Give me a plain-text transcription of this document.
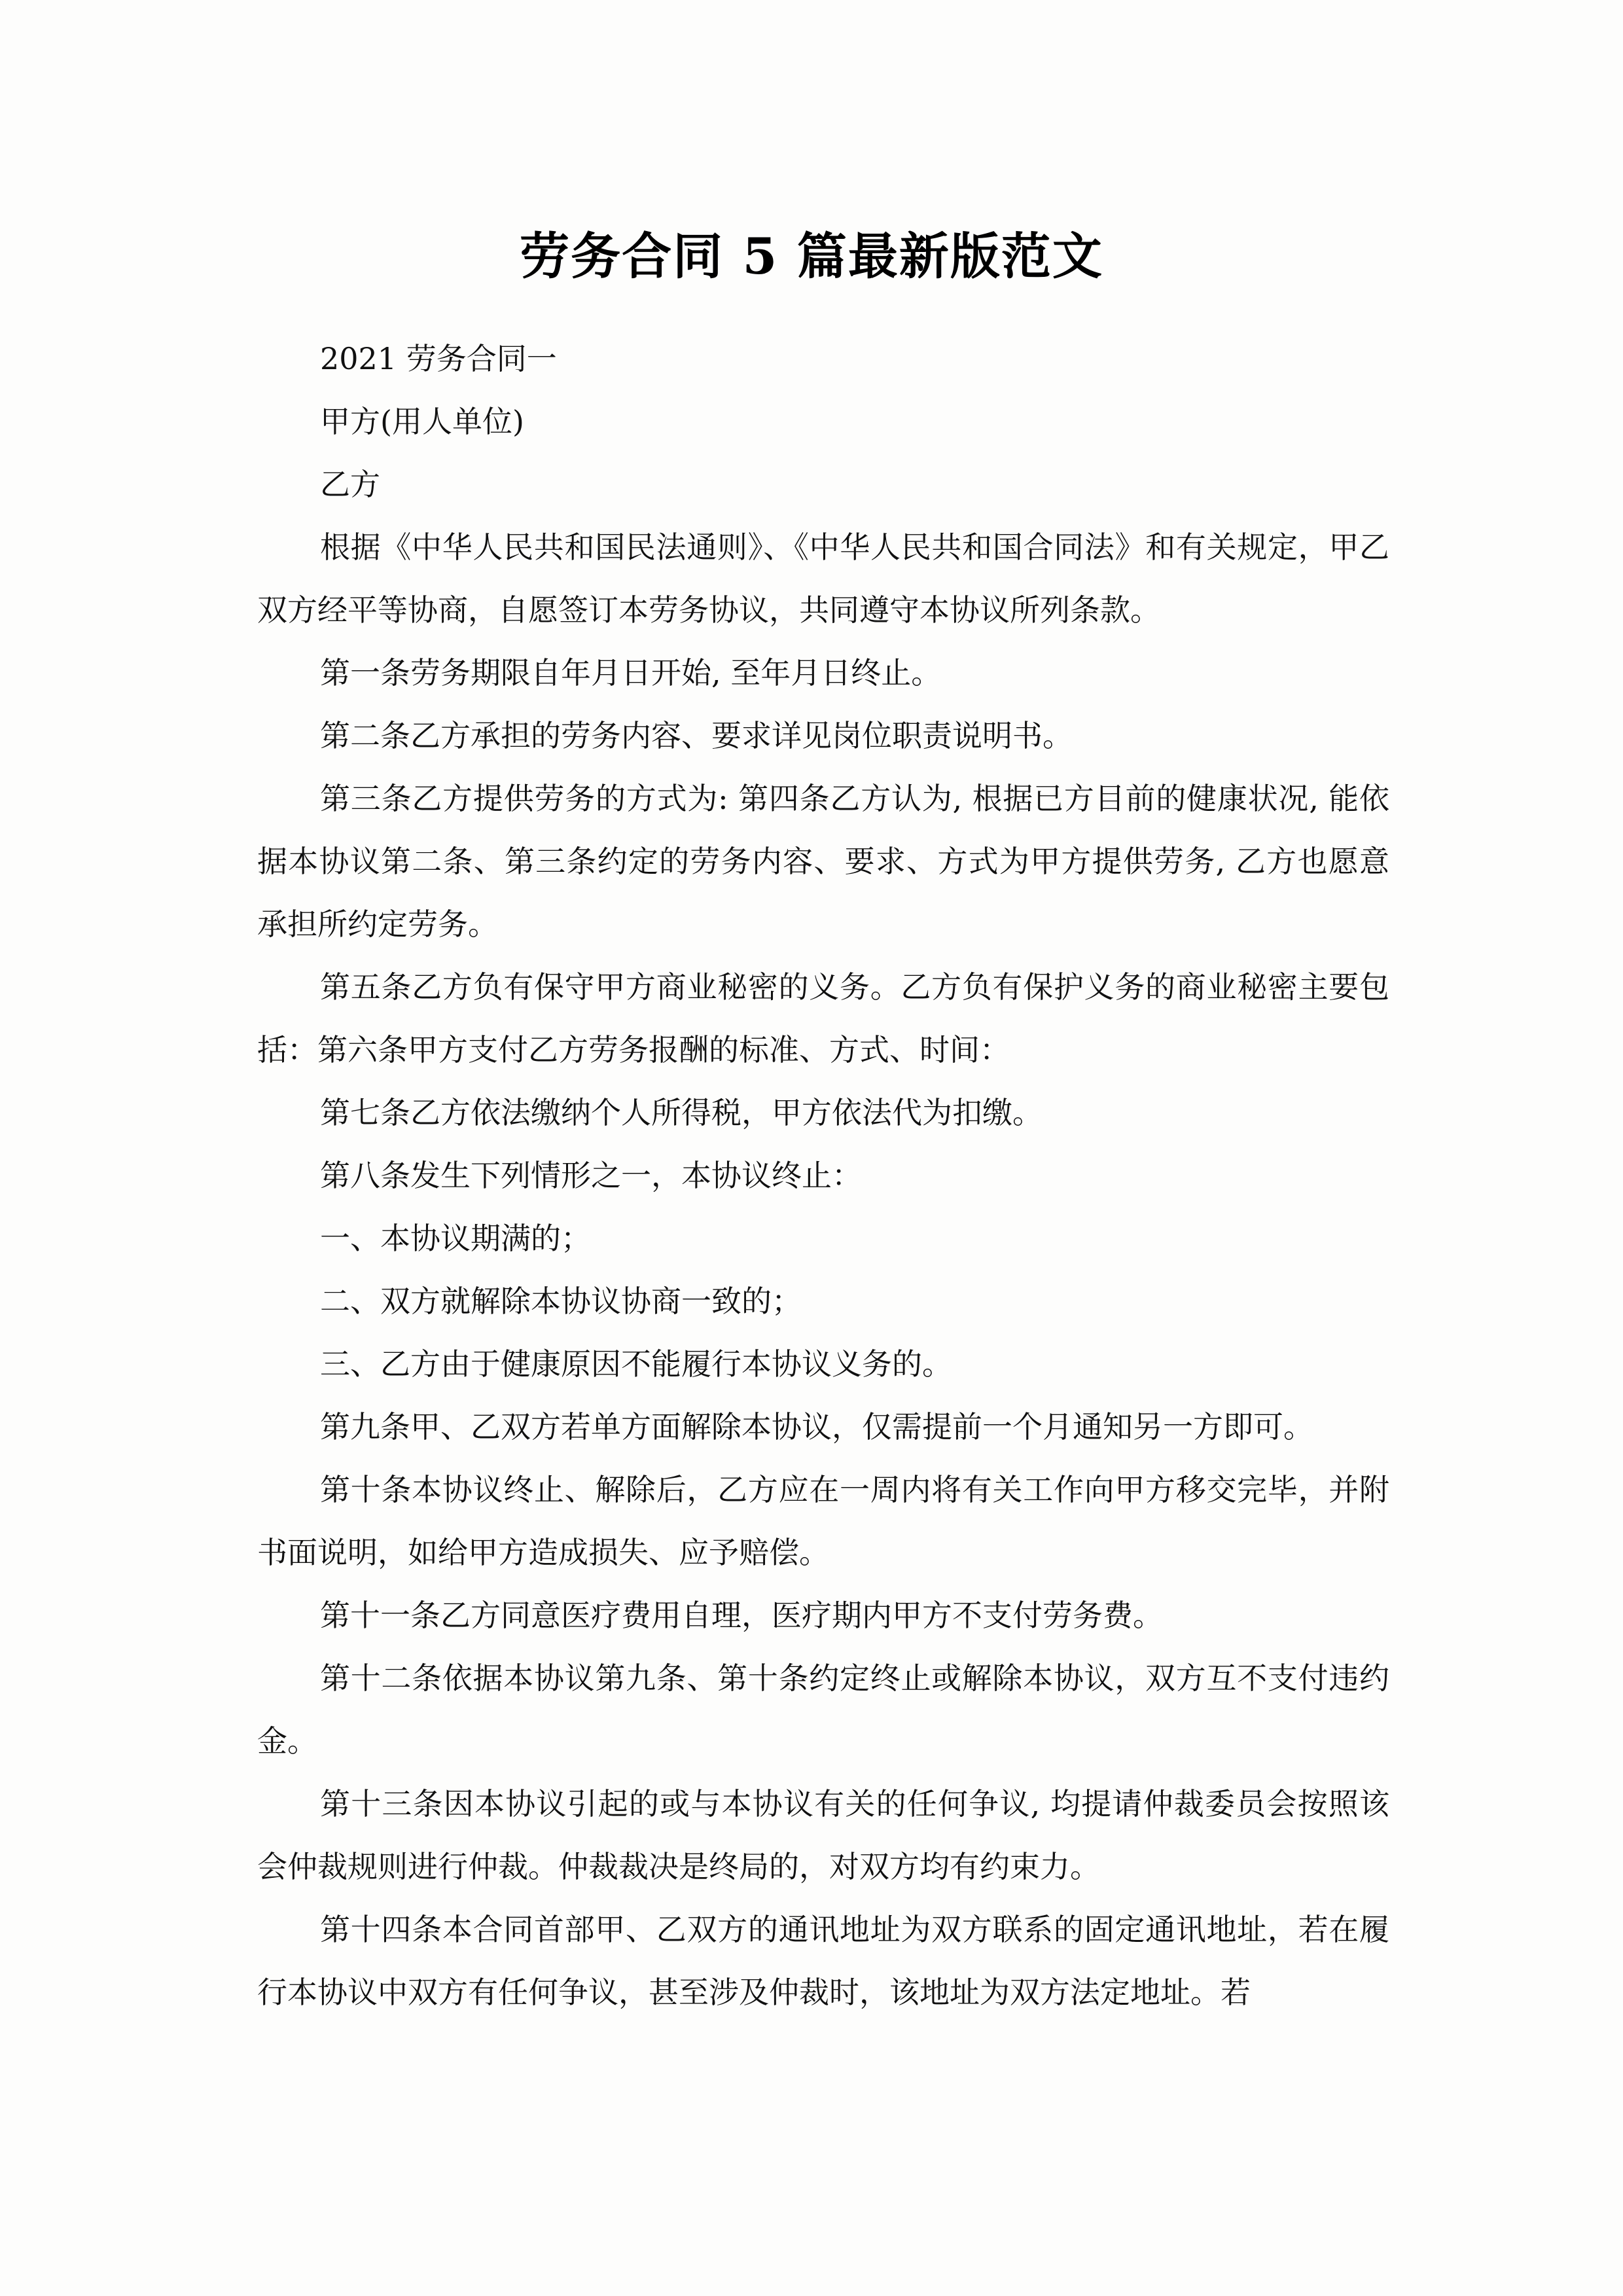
劳务合同 5 篇最新版范文

2021 劳务合同一

甲方(用人单位)

乙方

根据《中华人民共和国民法通则》、《中华人民共和国合同法》和有关规定，甲乙双方经平等协商，自愿签订本劳务协议，共同遵守本协议所列条款。

第一条劳务期限自年月日开始, 至年月日终止。

第二条乙方承担的劳务内容、要求详见岗位职责说明书。

第三条乙方提供劳务的方式为: 第四条乙方认为, 根据已方目前的健康状况, 能依据本协议第二条、第三条约定的劳务内容、要求、方式为甲方提供劳务, 乙方也愿意承担所约定劳务。

第五条乙方负有保守甲方商业秘密的义务。乙方负有保护义务的商业秘密主要包括：第六条甲方支付乙方劳务报酬的标准、方式、时间：

第七条乙方依法缴纳个人所得税，甲方依法代为扣缴。

第八条发生下列情形之一，本协议终止：

一、本协议期满的；

二、双方就解除本协议协商一致的；

三、乙方由于健康原因不能履行本协议义务的。

第九条甲、乙双方若单方面解除本协议，仅需提前一个月通知另一方即可。

第十条本协议终止、解除后，乙方应在一周内将有关工作向甲方移交完毕，并附书面说明，如给甲方造成损失、应予赔偿。

第十一条乙方同意医疗费用自理，医疗期内甲方不支付劳务费。

第十二条依据本协议第九条、第十条约定终止或解除本协议，双方互不支付违约金。

第十三条因本协议引起的或与本协议有关的任何争议, 均提请仲裁委员会按照该会仲裁规则进行仲裁。仲裁裁决是终局的，对双方均有约束力。

第十四条本合同首部甲、乙双方的通讯地址为双方联系的固定通讯地址，若在履行本协议中双方有任何争议，甚至涉及仲裁时，该地址为双方法定地址。若
